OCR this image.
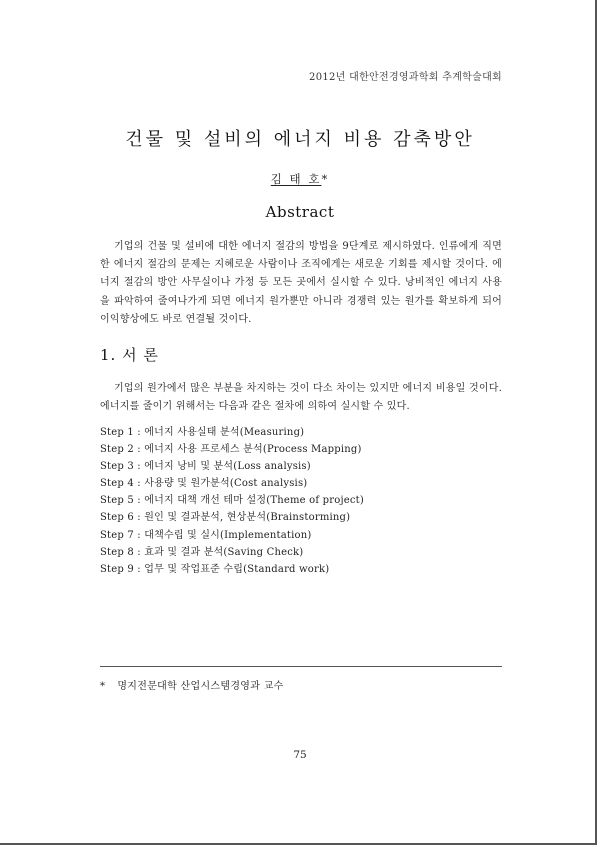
2012년 대한안전경영과학회 추계학술대회
건물 및 설비의 에너지 비용 감축방안
김 태 호*
Abstract
기업의 건물 및 설비에 대한 에너지 절감의 방법을 9단계로 제시하였다. 인류에게 직면한 에너지 절감의 문제는 지혜로운 사람이나 조직에게는 새로운 기회를 제시할 것이다. 에너지 절감의 방안 사무실이나 가정 등 모든 곳에서 실시할 수 있다. 낭비적인 에너지 사용을 파악하여 줄여나가게 되면 에너지 원가뿐만 아니라 경쟁력 있는 원가를 확보하게 되어 이익향상에도 바로 연결될 것이다.
1. 서 론
기업의 원가에서 많은 부분을 차지하는 것이 다소 차이는 있지만 에너지 비용일 것이다. 에너지를 줄이기 위해서는 다음과 같은 절차에 의하여 실시할 수 있다.
Step 1 : 에너지 사용실태 분석(Measuring)
Step 2 : 에너지 사용 프로세스 분석(Process Mapping)
Step 3 : 에너지 낭비 및 분석(Loss analysis)
Step 4 : 사용량 및 원가분석(Cost analysis)
Step 5 : 에너지 대책 개선 테마 설정(Theme of project)
Step 6 : 원인 및 결과분석, 현상분석(Brainstorming)
Step 7 : 대책수립 및 실시(Implementation)
Step 8 : 효과 및 결과 분석(Saving Check)
Step 9 : 업무 및 작업표준 수립(Standard work)
* 명지전문대학 산업시스템경영과 교수
75
